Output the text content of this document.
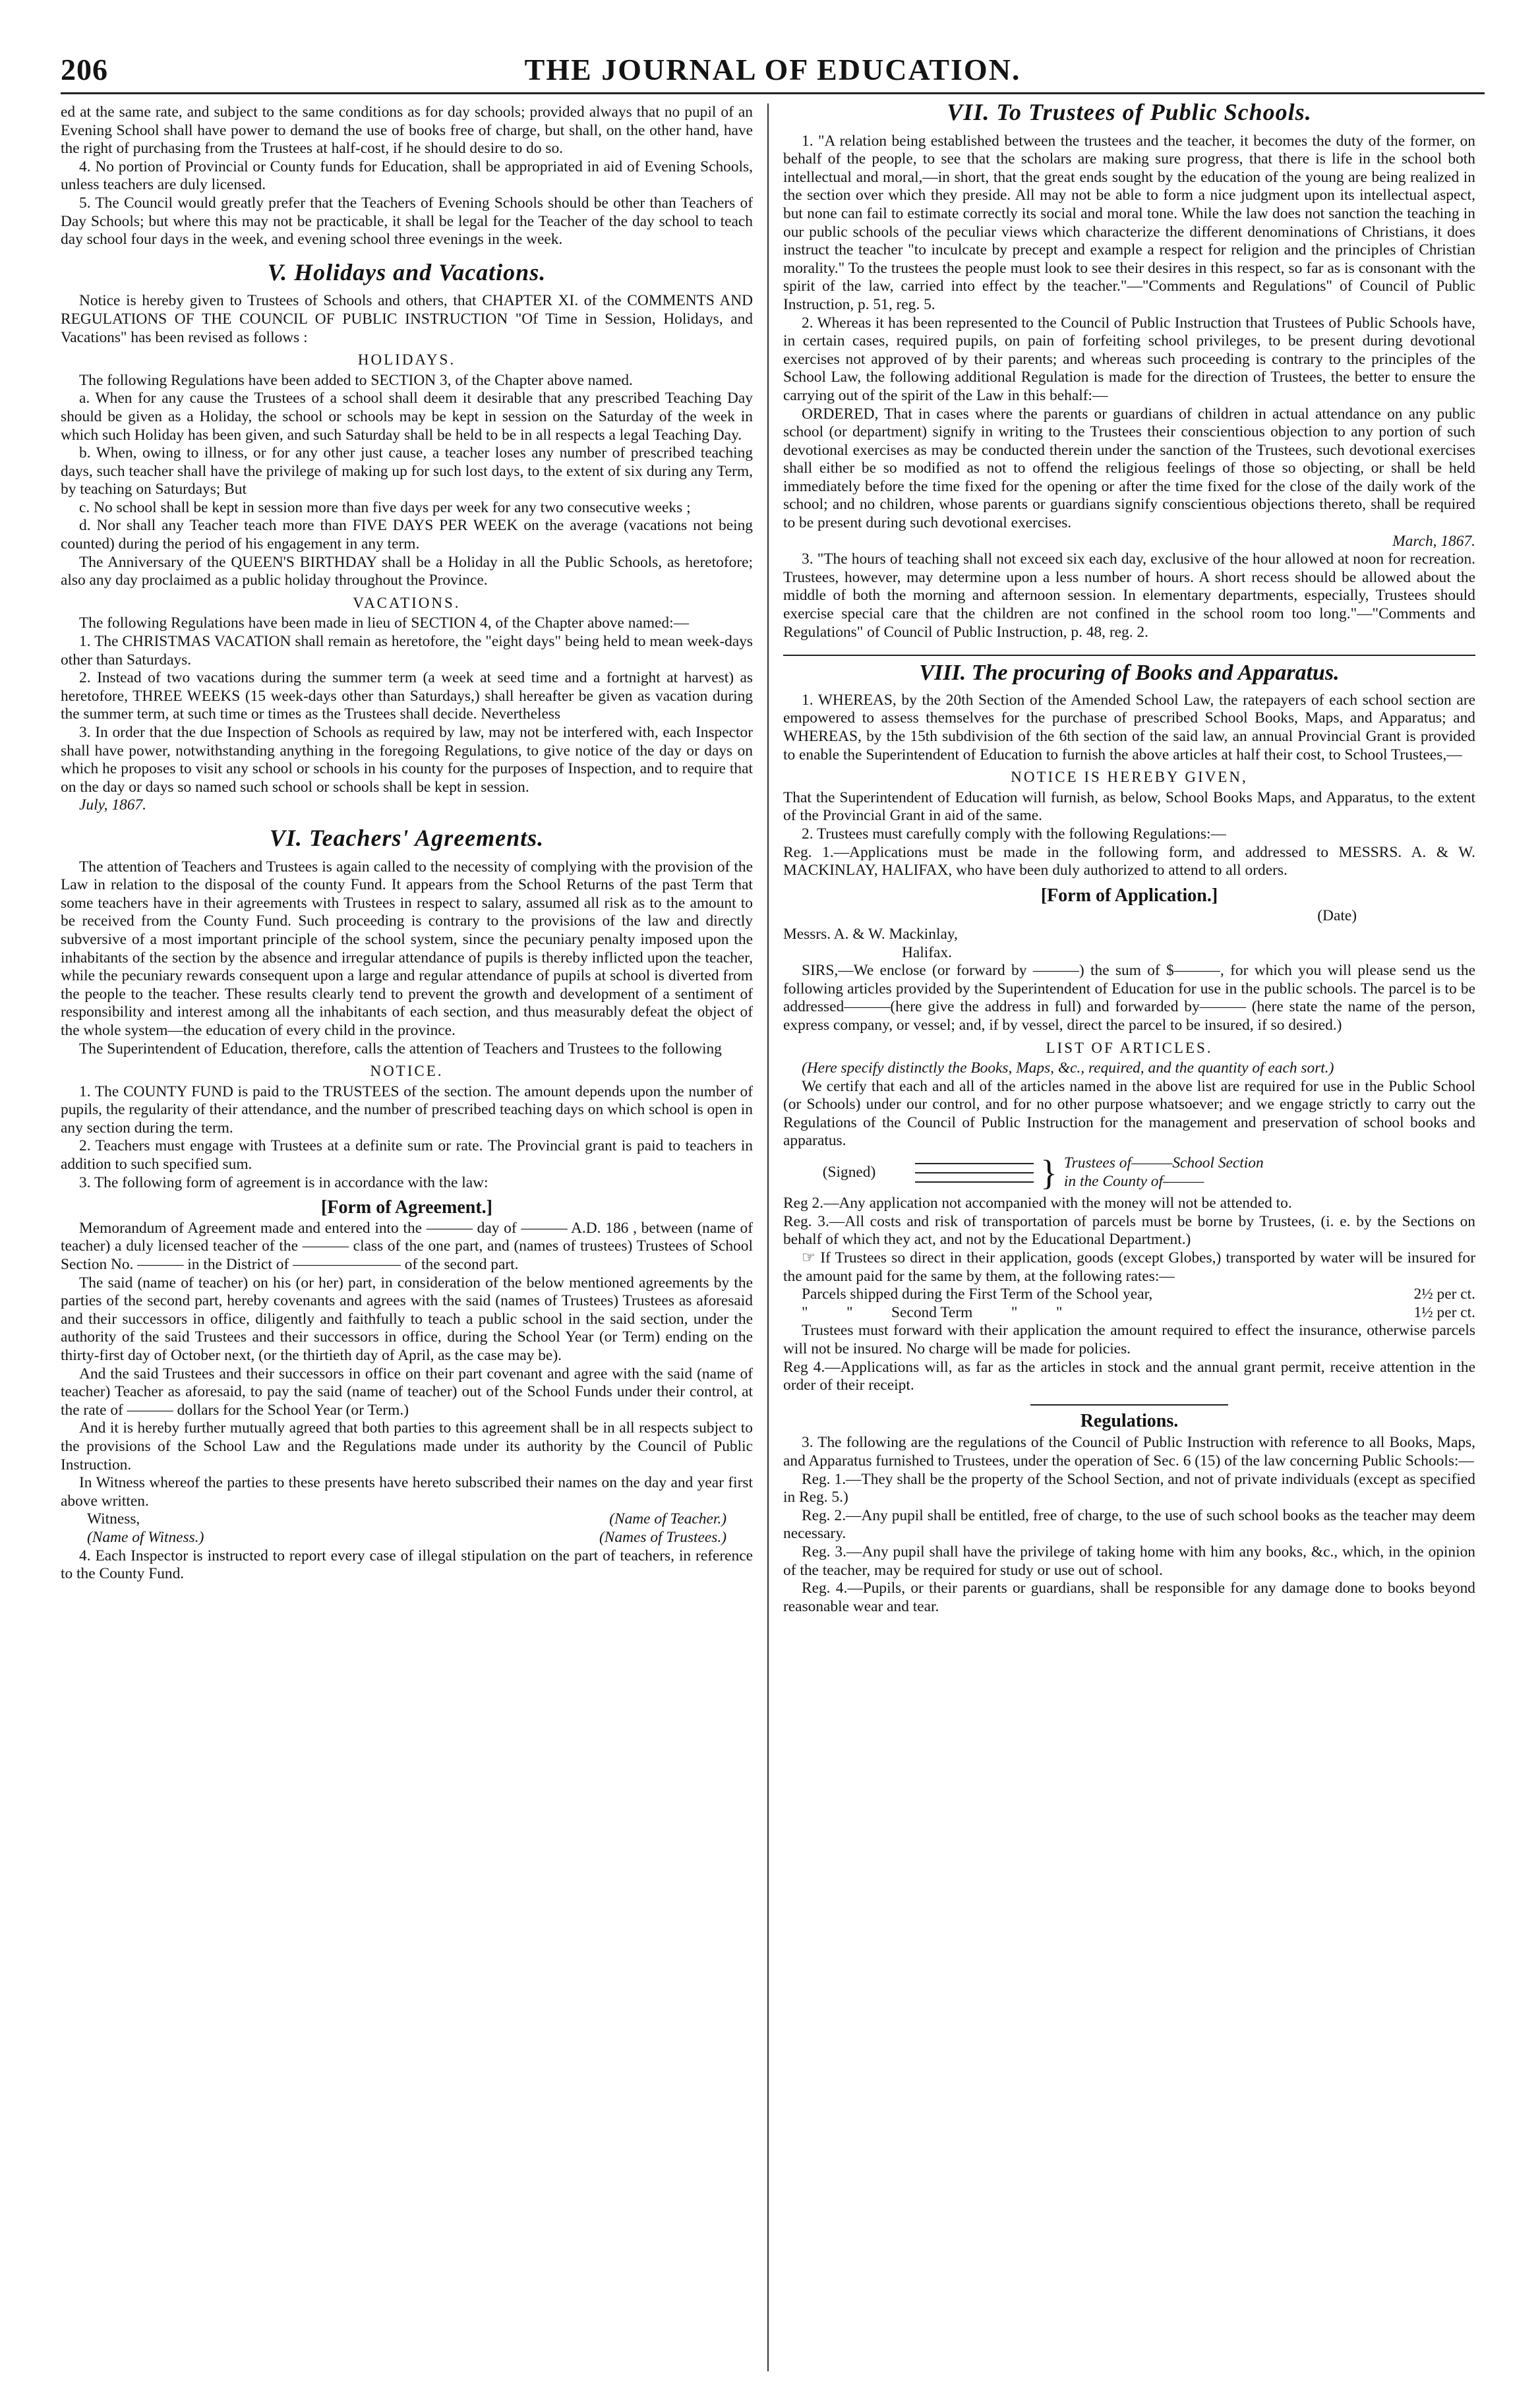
206	THE JOURNAL OF EDUCATION.

ed at the same rate, and subject to the same conditions as for day schools; provided always that no pupil of an Evening School shall have power to demand the use of books free of charge, but shall, on the other hand, have the right of purchasing from the Trustees at half-cost, if he should desire to do so.

4. No portion of Provincial or County funds for Education, shall be appropriated in aid of Evening Schools, unless teachers are duly licensed.

5. The Council would greatly prefer that the Teachers of Evening Schools should be other than Teachers of Day Schools; but where this may not be practicable, it shall be legal for the Teacher of the day school to teach day school four days in the week, and evening school three evenings in the week.

V. Holidays and Vacations.

Notice is hereby given to Trustees of Schools and others, that CHAPTER XI. of the COMMENTS AND REGULATIONS OF THE COUNCIL OF PUBLIC INSTRUCTION "Of Time in Session, Holidays, and Vacations" has been revised as follows :

HOLIDAYS.

The following Regulations have been added to SECTION 3, of the Chapter above named.

a. When for any cause the Trustees of a school shall deem it desirable that any prescribed Teaching Day should be given as a Holiday, the school or schools may be kept in session on the Saturday of the week in which such Holiday has been given, and such Saturday shall be held to be in all respects a legal Teaching Day.

b. When, owing to illness, or for any other just cause, a teacher loses any number of prescribed teaching days, such teacher shall have the privilege of making up for such lost days, to the extent of six during any Term, by teaching on Saturdays; But

c. No school shall be kept in session more than five days per week for any two consecutive weeks ;

d. Nor shall any Teacher teach more than FIVE DAYS PER WEEK on the average (vacations not being counted) during the period of his engagement in any term.

The Anniversary of the QUEEN'S BIRTHDAY shall be a Holiday in all the Public Schools, as heretofore; also any day proclaimed as a public holiday throughout the Province.

VACATIONS.

The following Regulations have been made in lieu of SECTION 4, of the Chapter above named:—

1. The CHRISTMAS VACATION shall remain as heretofore, the "eight days" being held to mean week-days other than Saturdays.

2. Instead of two vacations during the summer term (a week at seed time and a fortnight at harvest) as heretofore, THREE WEEKS (15 week-days other than Saturdays,) shall hereafter be given as vacation during the summer term, at such time or times as the Trustees shall decide. Nevertheless

3. In order that the due Inspection of Schools as required by law, may not be interfered with, each Inspector shall have power, notwithstanding anything in the foregoing Regulations, to give notice of the day or days on which he proposes to visit any school or schools in his county for the purposes of Inspection, and to require that on the day or days so named such school or schools shall be kept in session.

July, 1867.

VI. Teachers' Agreements.

The attention of Teachers and Trustees is again called to the necessity of complying with the provision of the Law in relation to the disposal of the county Fund. It appears from the School Returns of the past Term that some teachers have in their agreements with Trustees in respect to salary, assumed all risk as to the amount to be received from the County Fund. Such proceeding is contrary to the provisions of the law and directly subversive of a most important principle of the school system, since the pecuniary penalty imposed upon the inhabitants of the section by the absence and irregular attendance of pupils is thereby inflicted upon the teacher, while the pecuniary rewards consequent upon a large and regular attendance of pupils at school is diverted from the people to the teacher. These results clearly tend to prevent the growth and development of a sentiment of responsibility and interest among all the inhabitants of each section, and thus measurably defeat the object of the whole system—the education of every child in the province.

The Superintendent of Education, therefore, calls the attention of Teachers and Trustees to the following

NOTICE.

1. The COUNTY FUND is paid to the TRUSTEES of the section. The amount depends upon the number of pupils, the regularity of their attendance, and the number of prescribed teaching days on which school is open in any section during the term.

2. Teachers must engage with Trustees at a definite sum or rate. The Provincial grant is paid to teachers in addition to such specified sum.

3. The following form of agreement is in accordance with the law:

[Form of Agreement.]

Memorandum of Agreement made and entered into the ——— day of ——— A.D. 186 , between (name of teacher) a duly licensed teacher of the ——— class of the one part, and (names of trustees) Trustees of School Section No. ——— in the District of ——————— of the second part.

The said (name of teacher) on his (or her) part, in consideration of the below mentioned agreements by the parties of the second part, hereby covenants and agrees with the said (names of Trustees) Trustees as aforesaid and their successors in office, diligently and faithfully to teach a public school in the said section, under the authority of the said Trustees and their successors in office, during the School Year (or Term) ending on the thirty-first day of October next, (or the thirtieth day of April, as the case may be).

And the said Trustees and their successors in office on their part covenant and agree with the said (name of teacher) Teacher as aforesaid, to pay the said (name of teacher) out of the School Funds under their control, at the rate of ——— dollars for the School Year (or Term.)

And it is hereby further mutually agreed that both parties to this agreement shall be in all respects subject to the provisions of the School Law and the Regulations made under its authority by the Council of Public Instruction.

In Witness whereof the parties to these presents have hereto subscribed their names on the day and year first above written.

Witness,	(Name of Teacher.)
(Name of Witness.)	(Names of Trustees.)

4. Each Inspector is instructed to report every case of illegal stipulation on the part of teachers, in reference to the County Fund.

VII. To Trustees of Public Schools.

1. "A relation being established between the trustees and the teacher, it becomes the duty of the former, on behalf of the people, to see that the scholars are making sure progress, that there is life in the school both intellectual and moral,—in short, that the great ends sought by the education of the young are being realized in the section over which they preside. All may not be able to form a nice judgment upon its intellectual aspect, but none can fail to estimate correctly its social and moral tone. While the law does not sanction the teaching in our public schools of the peculiar views which characterize the different denominations of Christians, it does instruct the teacher "to inculcate by precept and example a respect for religion and the principles of Christian morality." To the trustees the people must look to see their desires in this respect, so far as is consonant with the spirit of the law, carried into effect by the teacher."—"Comments and Regulations" of Council of Public Instruction, p. 51, reg. 5.

2. Whereas it has been represented to the Council of Public Instruction that Trustees of Public Schools have, in certain cases, required pupils, on pain of forfeiting school privileges, to be present during devotional exercises not approved of by their parents; and whereas such proceeding is contrary to the principles of the School Law, the following additional Regulation is made for the direction of Trustees, the better to ensure the carrying out of the spirit of the Law in this behalf:—

ORDERED, That in cases where the parents or guardians of children in actual attendance on any public school (or department) signify in writing to the Trustees their conscientious objection to any portion of such devotional exercises as may be conducted therein under the sanction of the Trustees, such devotional exercises shall either be so modified as not to offend the religious feelings of those so objecting, or shall be held immediately before the time fixed for the opening or after the time fixed for the close of the daily work of the school; and no children, whose parents or guardians signify conscientious objections thereto, shall be required to be present during such devotional exercises.

March, 1867.

3. "The hours of teaching shall not exceed six each day, exclusive of the hour allowed at noon for recreation. Trustees, however, may determine upon a less number of hours. A short recess should be allowed about the middle of both the morning and afternoon session. In elementary departments, especially, Trustees should exercise special care that the children are not confined in the school room too long."—"Comments and Regulations" of Council of Public Instruction, p. 48, reg. 2.

VIII. The procuring of Books and Apparatus.

1. WHEREAS, by the 20th Section of the Amended School Law, the ratepayers of each school section are empowered to assess themselves for the purchase of prescribed School Books, Maps, and Apparatus; and WHEREAS, by the 15th subdivision of the 6th section of the said law, an annual Provincial Grant is provided to enable the Superintendent of Education to furnish the above articles at half their cost, to School Trustees,—

NOTICE IS HEREBY GIVEN,

That the Superintendent of Education will furnish, as below, School Books Maps, and Apparatus, to the extent of the Provincial Grant in aid of the same.

2. Trustees must carefully comply with the following Regulations:—

Reg. 1.—Applications must be made in the following form, and addressed to MESSRS. A. & W. MACKINLAY, HALIFAX, who have been duly authorized to attend to all orders.

[Form of Application.]

(Date)

Messrs. A. & W. Mackinlay,

Halifax.

SIRS,—We enclose (or forward by ———) the sum of $———, for which you will please send us the following articles provided by the Superintendent of Education for use in the public schools. The parcel is to be addressed———(here give the address in full) and forwarded by——— (here state the name of the person, express company, or vessel; and, if by vessel, direct the parcel to be insured, if so desired.)

LIST OF ARTICLES.

(Here specify distinctly the Books, Maps, &c., required, and the quantity of each sort.)

We certify that each and all of the articles named in the above list are required for use in the Public School (or Schools) under our control, and for no other purpose whatsoever; and we engage strictly to carry out the Regulations of the Council of Public Instruction for the management and preservation of school books and apparatus.

(Signed)	} Trustees of———School Section
in the County of———

Reg 2.—Any application not accompanied with the money will not be attended to.

Reg. 3.—All costs and risk of transportation of parcels must be borne by Trustees, (i. e. by the Sections on behalf of which they act, and not by the Educational Department.)

☞ If Trustees so direct in their application, goods (except Globes,) transported by water will be insured for the amount paid for the same by them, at the following rates:—

Parcels shipped during the First Term of the School year,	2½ per ct.
"          "          Second Term          "          "	1½ per ct.

Trustees must forward with their application the amount required to effect the insurance, otherwise parcels will not be insured. No charge will be made for policies.

Reg 4.—Applications will, as far as the articles in stock and the annual grant permit, receive attention in the order of their receipt.

Regulations.

3. The following are the regulations of the Council of Public Instruction with reference to all Books, Maps, and Apparatus furnished to Trustees, under the operation of Sec. 6 (15) of the law concerning Public Schools:—

Reg. 1.—They shall be the property of the School Section, and not of private individuals (except as specified in Reg. 5.)

Reg. 2.—Any pupil shall be entitled, free of charge, to the use of such school books as the teacher may deem necessary.

Reg. 3.—Any pupil shall have the privilege of taking home with him any books, &c., which, in the opinion of the teacher, may be required for study or use out of school.

Reg. 4.—Pupils, or their parents or guardians, shall be responsible for any damage done to books beyond reasonable wear and tear.
